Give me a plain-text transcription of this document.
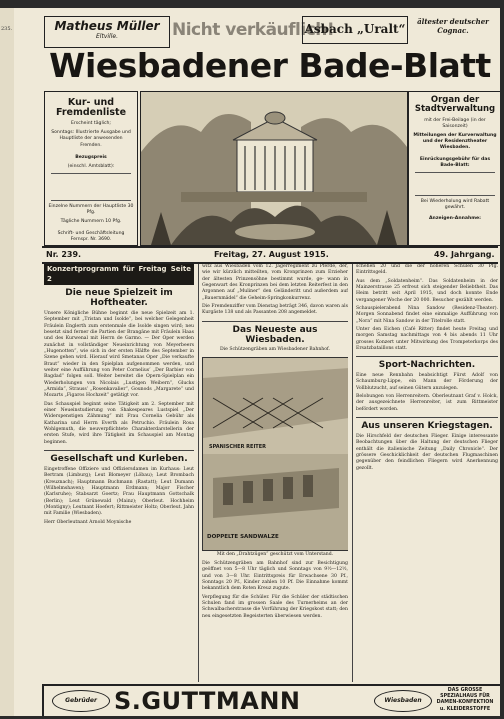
235.	Matheus Müller
Eltville.	Nicht verkäuflich!
Asbach „Uralt“
ältester deutscher Cognac.
Wiesbadener Bade-Blatt
Kur- und Fremdenliste
Erscheint täglich;
Sonntags: Illustrierte Ausgabe und Hauptliste der anwesenden Fremden.
Bezugspreis
(einschl. Amtsblatt):
Einzelne Nummern der Hauptliste 30 Pfg.
Tägliche Nummern 10 Pfg.
Schrift- und Geschäftsleitung Fernspr. Nr. 3690.
Organ der Stadtverwaltung
mit der Frei-Beilage (in der Saisonzeit)
Mitteilungen der Kurverwaltung und der Residenztheater Wiesbaden.
Einrückungsgebühr für das Bade-Blatt:
Bei Wiederholung wird Rabatt gewährt.
Anzeigen-Annahme:
Nr. 239.	Freitag, 27. August 1915.	49. Jahrgang.
Konzertprogramm für Freitag Seite 2
Die neue Spielzeit im Hoftheater.

Unsere Königliche Bühne beginnt die neue Spielzeit am 1. September mit „Tristan und Isolde“, bei welcher Gelegenheit Fräulein Englerth zum erstenmale die Isolde singen wird; neu besetzt sind ferner die Partien der Brangäne mit Fräulein Haas und des Kurwenal mit Herrn de Garmo. — Der Oper werden zunächst in vollständiger Neueinrichtung von Meyerbeers „Hugenotten“, wie sich in der ersten Hälfte des September in Szene gehen wird. Hierauf wird Smetanas Oper „Die verkaufte Braut“ wieder in den Spielplan aufgenommen werden, und weiter eine Aufführung von Peter Cornelius’ „Der Barbier von Bagdad“ folgen soll. Weiter bereitet die Opern-Spielplan ein Wiederholungen von Nicolais „Lustigen Weibern“, Glucks „Armida“, Strauss’ „Rosenkavalier“, Gounods „Margarete“ und Mozarts „Figaros Hochzeit“ getätigt vor.

Das Schauspiel beginnt seine Tätigkeit am 2. September mit einer Neueinstudierung von Shakespeares Lustspiel „Der Widerspenstigen Zähmung“ mit Frau Cornelia Gebühr als Katharina und Herrn Everth als Petruchio. Fräulein Rosa Wohlgemuth, die neuverpflichtete Charakterdarstellerin der ersten Stufe, wird ihre Tätigkeit im Schauspiel am Montag beginnen.

Gesellschaft und Kurleben.

Eingetroffene Offiziere und Offiziersdamen im Kurhaus: Leut Bertram (Limburg); Leut Blomeyer (Löbau); Leut Brombach (Kreuznach); Hauptmann Buchmann (Rastatt); Leut Dumann (Wilhelmshaven); Hauptmann Erdmann; Major Fischer (Karlsruhe); Stabsarzt Goertz; Frau Hauptmann Gottschalk (Berlin); Leut Grünewald (Mainz); Oberleut. Hochheim (Montigny); Leutnant Hoefert; Rittmeister Holtz; Oberleut. Jahn mit Familie (Wiesbaden).

Herr Oberleutnant Arnold Moynische

witz aus Wiesbaden vom 12. Jägerregiment zu Pferde, der, wie wir kürzlich mitteilten, vom Kronprinzen zum Erzieher der ältesten Prinzensöhne bestimmt wurde, ge- wann in Gegenwart des Kronprinzen bei dem letzten Reiterfest in den Argonnen auf „Muliner“ den Geländeritt und außerdem auf „Bauernmädel“ die Geheim-Springkonkurrenz.

Die Fremdenziffer vom Dienstag beträgt 346, davon waren als Kurgäste 138 und als Passanten 208 angemeldet.

Das Neueste aus Wiesbaden.
Die Schützengräben am Wiesbadener Bahnhof.
SPANISCHER REITER
DOPPELTE SANDWALZE
Mit den „Drahtzügen“ geschützt vom Unterstand.

Die Schützengräben am Bahnhof sind zur Besichtigung geöffnet von 5—8 Uhr täglich und Sonntags von 9½—12½, und von 3—8 Uhr. Eintrittspreis für Erwachsene 30 Pf., Sonntags 20 Pf., Kinder zahlen 10 Pf. Die Einnahme kommt bekanntlich dem Roten Kreuz zugute.

Verpflegung für die Schüler. Für die Schüler der städtischen Schulen fand im grossen Saale des Turnerheims an der Schwalbacherstrasse die Vorführung der Kriegskost statt; den neu eingesetzten Begeisterten überwiesen werden.

schehen 20 und die der höheren Schulen 30 Pfg. Eintrittsgeld.

Aus dem „Soldatenheim“. Das Soldatenheim in der Mainzerstrasse 25 erfreut sich steigender Beliebtheit. Das Heim betritt seit April 1915, und doch konnte Ende vergangener Woche der 20 000. Besucher gezählt werden.

Schauspielerabend Nina Sandow (Residenz-Theater). Morgen Sonnabend findet eine einmalige Aufführung von „Nora“ mit Nina Sandow in der Titelrolle statt.

Unter den Eichen (Café Ritter) findet heute Freitag und morgen Samstag nachmittags von 4 bis abends 11 Uhr grosses Konzert unter Mitwirkung des Trompeterkorps des Ersatzbataillons statt.

Sport-Nachrichten.

Eine neue Rennbahn beabsichtigt Fürst Adolf von Schaumburg-Lippe, ein Mann der Förderung der Vollblutzucht, auf seinen Gütern anzulegen.

Belobungen von Herrenreitern. Oberleutnant Graf v. Holck, der ausgezeichnete Herrenreiter, ist zum Rittmeister befördert worden.

Aus unseren Kriegstagen.

Die Hirschfeld der deutschen Flieger. Einige interessante Beobachtungen über die Haltung der deutschen Flieger enthält die italienische Zeitung „Daily Chronicle“. Der grössere Geschicklichkeit der deutschen Flugmaschinen gegenüber den feindlichen Fliegern wird Anerkennung gezollt.

Gebrüder S.GUTTMANN	Wiesbaden
DAS GROSSE SPEZIALHAUS FÜR DAMEN-KONFEKTION u. KLEIDERSTOFFE
